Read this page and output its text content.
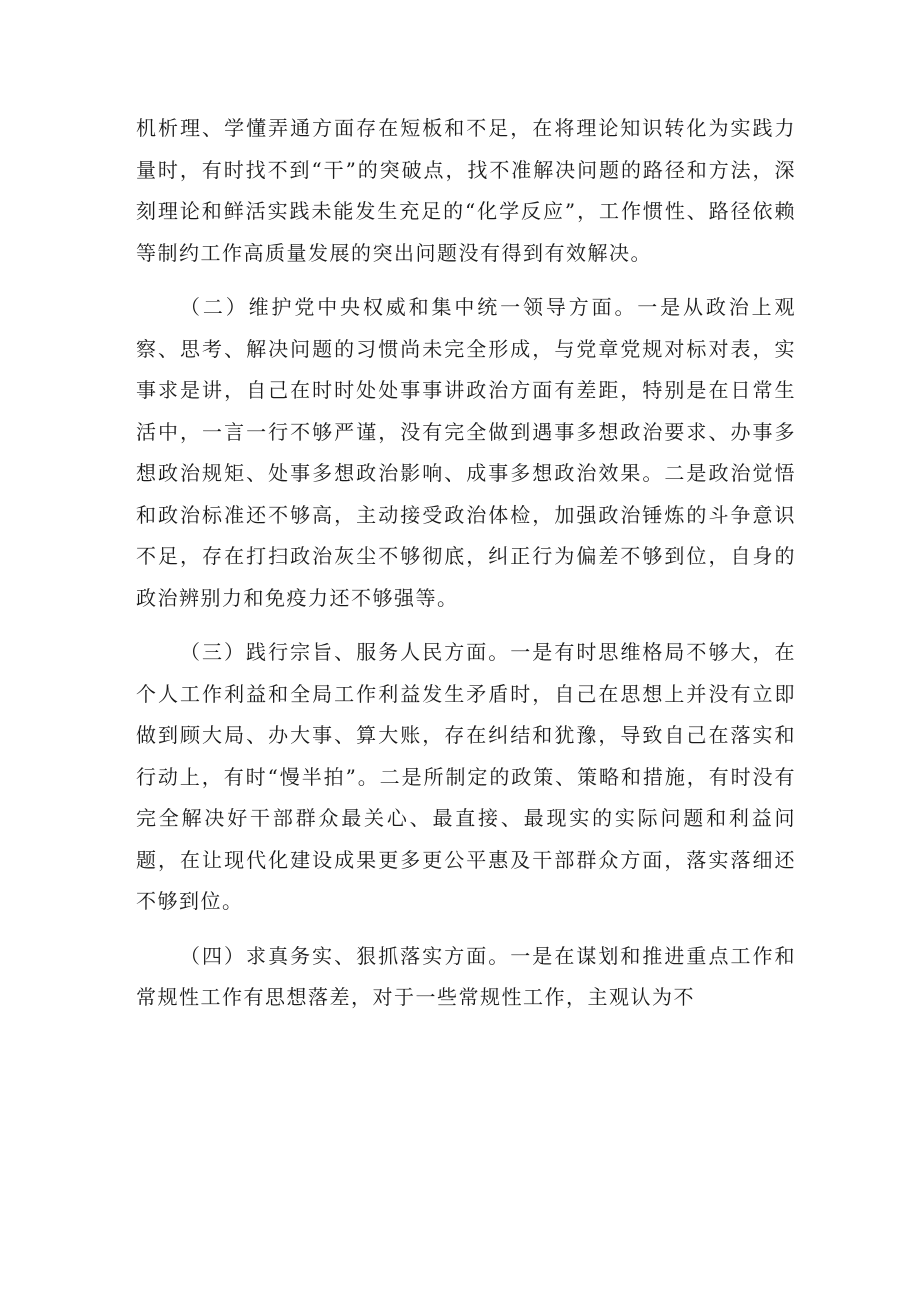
机析理、学懂弄通方面存在短板和不足，在将理论知识转化为实践力量时，有时找不到“干”的突破点，找不准解决问题的路径和方法，深刻理论和鲜活实践未能发生充足的“化学反应”，工作惯性、路径依赖等制约工作高质量发展的突出问题没有得到有效解决。

（二）维护党中央权威和集中统一领导方面。一是从政治上观察、思考、解决问题的习惯尚未完全形成，与党章党规对标对表，实事求是讲，自己在时时处处事事讲政治方面有差距，特别是在日常生活中，一言一行不够严谨，没有完全做到遇事多想政治要求、办事多想政治规矩、处事多想政治影响、成事多想政治效果。二是政治觉悟和政治标准还不够高，主动接受政治体检，加强政治锤炼的斗争意识不足，存在打扫政治灰尘不够彻底，纠正行为偏差不够到位，自身的政治辨别力和免疫力还不够强等。

（三）践行宗旨、服务人民方面。一是有时思维格局不够大，在个人工作利益和全局工作利益发生矛盾时，自己在思想上并没有立即做到顾大局、办大事、算大账，存在纠结和犹豫，导致自己在落实和行动上，有时“慢半拍”。二是所制定的政策、策略和措施，有时没有完全解决好干部群众最关心、最直接、最现实的实际问题和利益问题，在让现代化建设成果更多更公平惠及干部群众方面，落实落细还不够到位。

（四）求真务实、狠抓落实方面。一是在谋划和推进重点工作和常规性工作有思想落差，对于一些常规性工作，主观认为不
